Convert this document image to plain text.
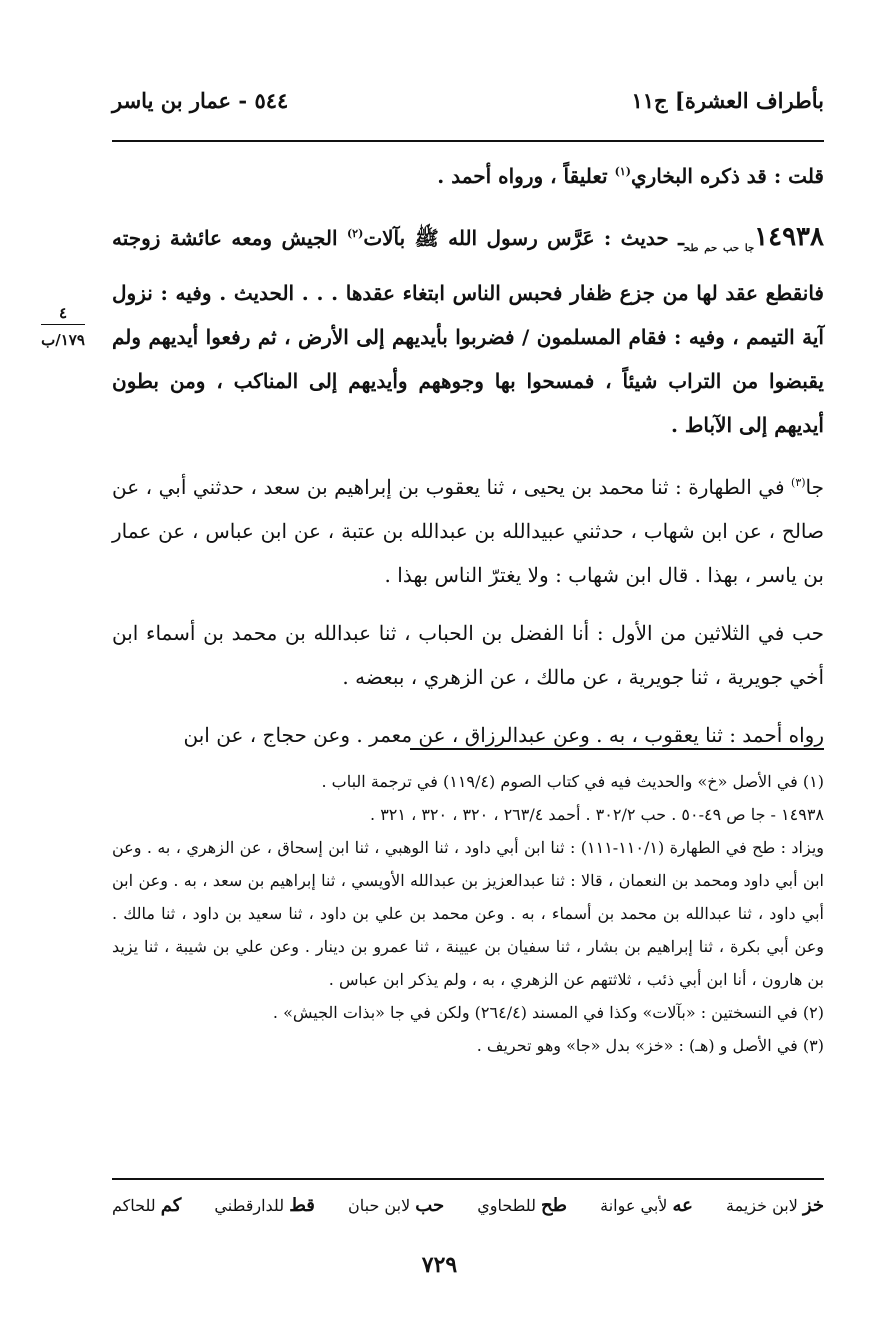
بأطراف العشرة] ج١١
٥٤٤ - عمار بن ياسر

قلت : قد ذكره البخاري$^{(١)}$ تعليقاً ، ورواه أحمد .

$١٤٩٣٨_{جا حب حم طح}ـ$ حديث : عَرَّس رسول الله ﷺ بآلات$^{(٢)}$ الجيش ومعه عائشة زوجته فانقطع عقد لها من جزع ظفار فحبس الناس ابتغاء عقدها . . . الحديث . وفيه : نزول آية التيمم ، وفيه : فقام المسلمون / فضربوا بأيديهم إلى الأرض ، ثم رفعوا أيديهم ولم يقبضوا من التراب شيئاً ، فمسحوا بها وجوههم وأيديهم إلى المناكب ، ومن بطون أيديهم إلى الآباط .

جا$^{(٣)}$ في الطهارة : ثنا محمد بن يحيى ، ثنا يعقوب بن إبراهيم بن سعد ، حدثني أبي ، عن صالح ، عن ابن شهاب ، حدثني عبيدالله بن عبدالله بن عتبة ، عن ابن عباس ، عن عمار بن ياسر ، بهذا . قال ابن شهاب : ولا يغترّ الناس بهذا .

حب في الثلاثين من الأول : أنا الفضل بن الحباب ، ثنا عبدالله بن محمد بن أسماء ابن أخي جويرية ، ثنا جويرية ، عن مالك ، عن الزهري ، ببعضه .

رواه أحمد : ثنا يعقوب ، به . وعن عبدالرزاق ، عن معمر . وعن حجاج ، عن ابن

٤
١٧٩/ب

(١) في الأصل «خ» والحديث فيه في كتاب الصوم (١١٩/٤) في ترجمة الباب .

١٤٩٣٨ - جا ص ٤٩-٥٠ . حب ٣٠٢/٢ . أحمد ٢٦٣/٤ ، ٣٢٠ ، ٣٢٠ ، ٣٢١ .

ويزاد : طح في الطهارة (١١٠/١-١١١) : ثنا ابن أبي داود ، ثنا الوهبي ، ثنا ابن إسحاق ، عن الزهري ، به . وعن ابن أبي داود ومحمد بن النعمان ، قالا : ثنا عبدالعزيز بن عبدالله الأويسي ، ثنا إبراهيم بن سعد ، به . وعن ابن أبي داود ، ثنا عبدالله بن محمد بن أسماء ، به . وعن محمد بن علي بن داود ، ثنا سعيد بن داود ، ثنا مالك . وعن أبي بكرة ، ثنا إبراهيم بن بشار ، ثنا سفيان بن عيينة ، ثنا عمرو بن دينار . وعن علي بن شيبة ، ثنا يزيد بن هارون ، أنا ابن أبي ذئب ، ثلاثتهم عن الزهري ، به ، ولم يذكر ابن عباس .

(٢) في النسختين : «بآلات» وكذا في المسند (٢٦٤/٤) ولكن في جا «بذات الجيش» .

(٣) في الأصل و (هـ) : «خز» بدل «جا» وهو تحريف .

خز لابن خزيمة
عه لأبي عوانة
طح للطحاوي
حب لابن حبان
قط للدارقطني
كم للحاكم
٧٢٩
